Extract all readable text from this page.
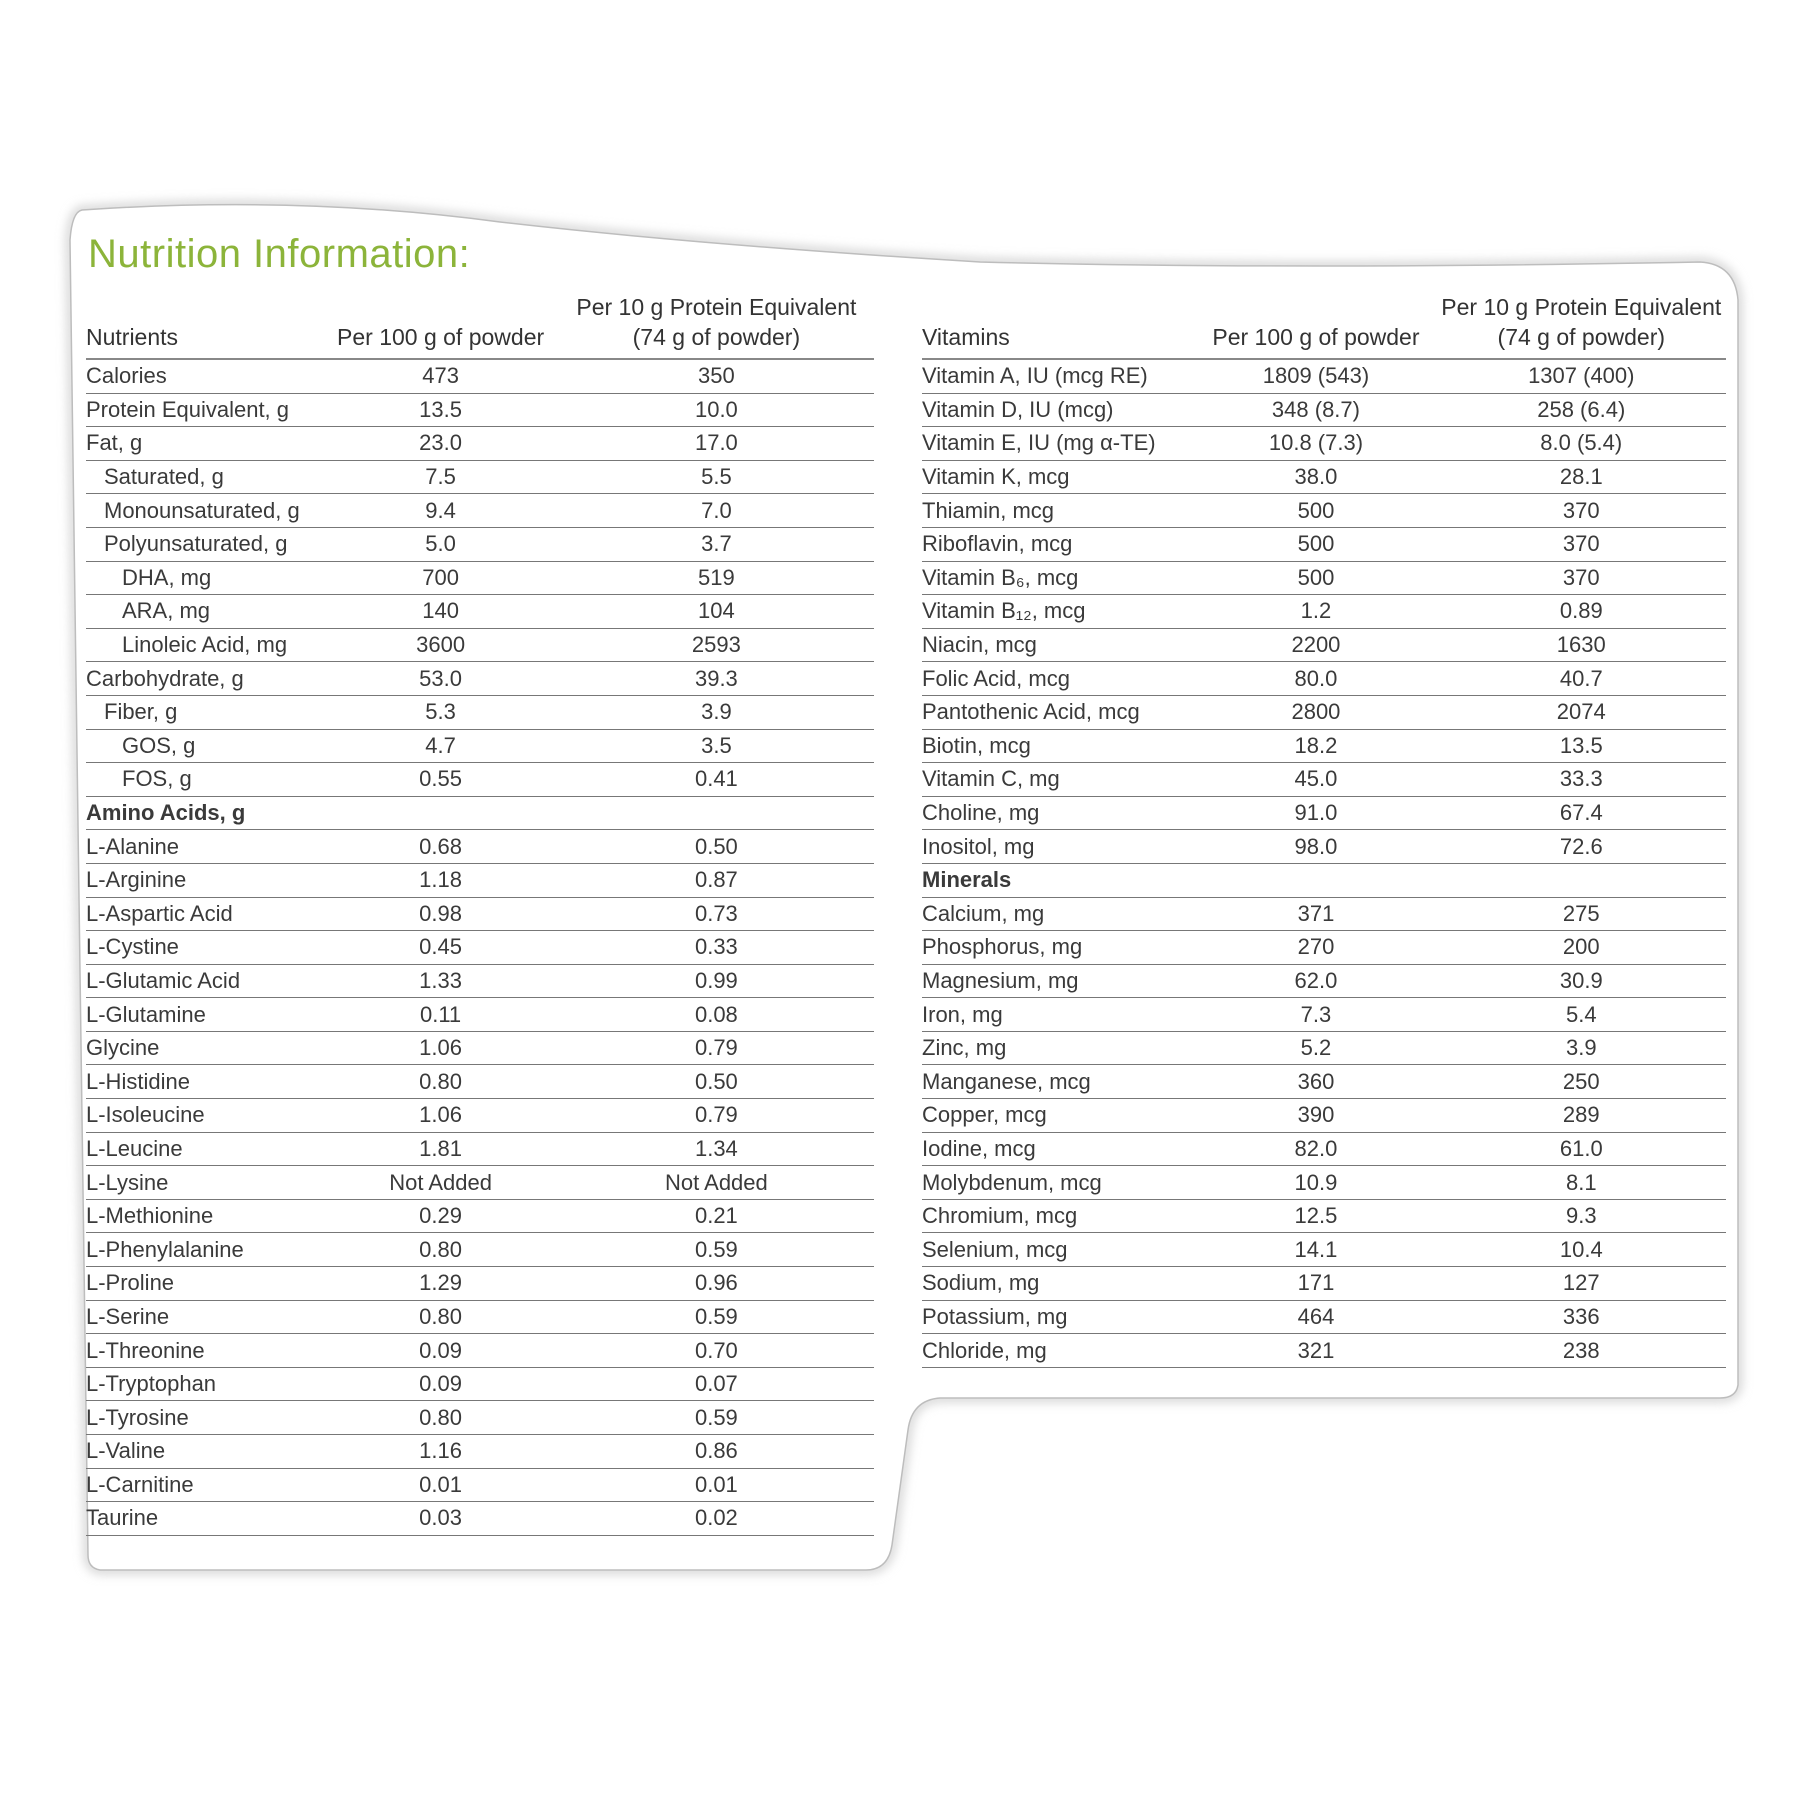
Nutrition Information:
Nutrients	Per 100 g of powder	Per 10 g Protein Equivalent (74 g of powder)
Calories	473	350
Protein Equivalent, g	13.5	10.0
Fat, g	23.0	17.0
Saturated, g	7.5	5.5
Monounsaturated, g	9.4	7.0
Polyunsaturated, g	5.0	3.7
DHA, mg	700	519
ARA, mg	140	104
Linoleic Acid, mg	3600	2593
Carbohydrate, g	53.0	39.3
Fiber, g	5.3	3.9
GOS, g	4.7	3.5
FOS, g	0.55	0.41
Amino Acids, g		
L-Alanine	0.68	0.50
L-Arginine	1.18	0.87
L-Aspartic Acid	0.98	0.73
L-Cystine	0.45	0.33
L-Glutamic Acid	1.33	0.99
L-Glutamine	0.11	0.08
Glycine	1.06	0.79
L-Histidine	0.80	0.50
L-Isoleucine	1.06	0.79
L-Leucine	1.81	1.34
L-Lysine	Not Added	Not Added
L-Methionine	0.29	0.21
L-Phenylalanine	0.80	0.59
L-Proline	1.29	0.96
L-Serine	0.80	0.59
L-Threonine	0.09	0.70
L-Tryptophan	0.09	0.07
L-Tyrosine	0.80	0.59
L-Valine	1.16	0.86
L-Carnitine	0.01	0.01
Taurine	0.03	0.02
Vitamins	Per 100 g of powder	Per 10 g Protein Equivalent (74 g of powder)
Vitamin A, IU (mcg RE)	1809 (543)	1307 (400)
Vitamin D, IU (mcg)	348 (8.7)	258 (6.4)
Vitamin E, IU (mg α-TE)	10.8 (7.3)	8.0 (5.4)
Vitamin K, mcg	38.0	28.1
Thiamin, mcg	500	370
Riboflavin, mcg	500	370
Vitamin B₆, mcg	500	370
Vitamin B₁₂, mcg	1.2	0.89
Niacin, mcg	2200	1630
Folic Acid, mcg	80.0	40.7
Pantothenic Acid, mcg	2800	2074
Biotin, mcg	18.2	13.5
Vitamin C, mg	45.0	33.3
Choline, mg	91.0	67.4
Inositol, mg	98.0	72.6
Minerals		
Calcium, mg	371	275
Phosphorus, mg	270	200
Magnesium, mg	62.0	30.9
Iron, mg	7.3	5.4
Zinc, mg	5.2	3.9
Manganese, mcg	360	250
Copper, mcg	390	289
Iodine, mcg	82.0	61.0
Molybdenum, mcg	10.9	8.1
Chromium, mcg	12.5	9.3
Selenium, mcg	14.1	10.4
Sodium, mg	171	127
Potassium, mg	464	336
Chloride, mg	321	238
